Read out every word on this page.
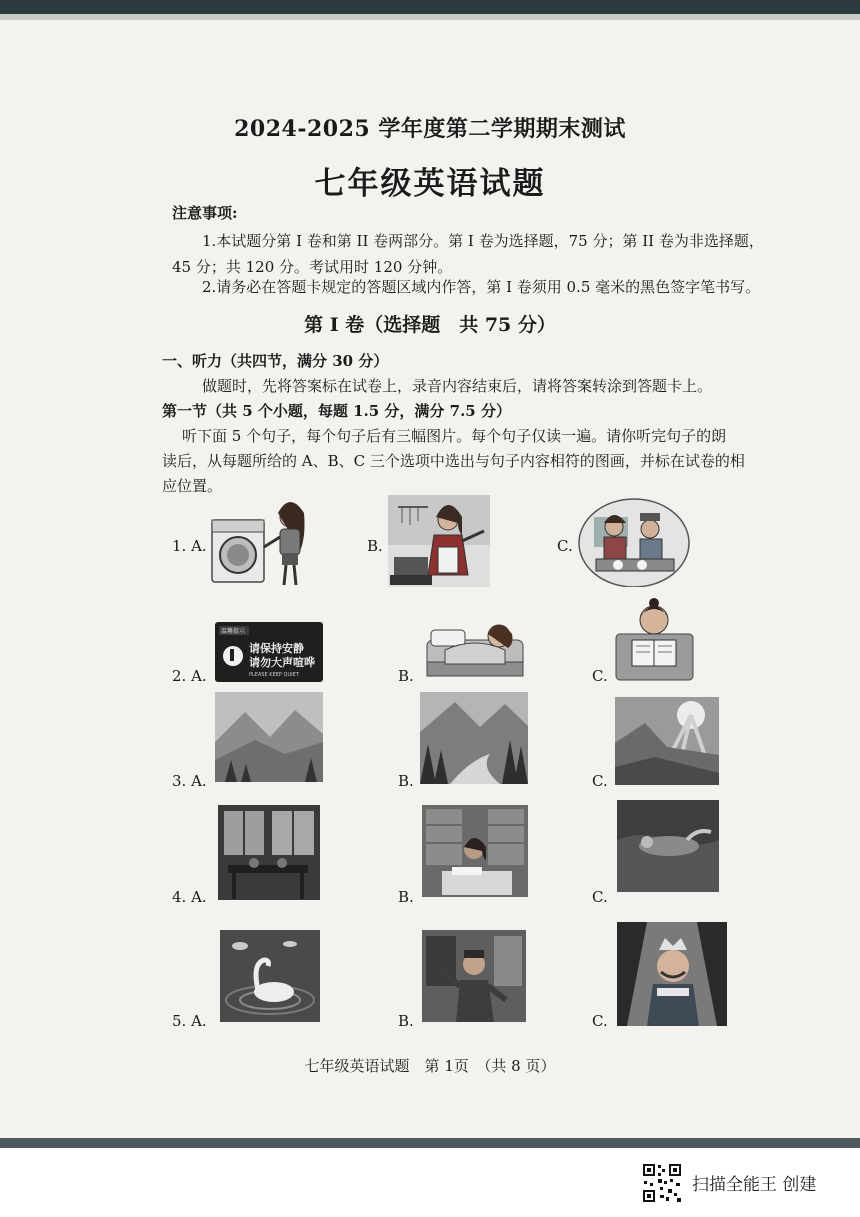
2024-2025 学年度第二学期期末测试
七年级英语试题
注意事项:
1.本试题分第 I 卷和第 II 卷两部分。第 I 卷为选择题，75 分；第 II 卷为非选择题，
45 分；共 120 分。考试用时 120 分钟。
2.请务必在答题卡规定的答题区域内作答，第 I 卷须用 0.5 毫米的黑色签字笔书写。
第 I 卷（选择题　共 75 分）
一、听力（共四节，满分 30 分）
做题时，先将答案标在试卷上，录音内容结束后，请将答案转涂到答题卡上。
第一节（共 5 个小题，每题 1.5 分，满分 7.5 分）
听下面 5 个句子，每个句子后有三幅图片。每个句子仅读一遍。请你听完句子的朗
读后，从每题所给的 A、B、C 三个选项中选出与句子内容相符的图画，并标在试卷的相
应位置。
1. A.	B.	C.
2. A.
温馨提示
请保持安静
请勿大声喧哗
PLEASE KEEP QUIET	B.	C.
3. A.	B.	C.
4. A.	B.	C.
5. A.	B.	C.
七年级英语试题　第 1页　（共 8 页）
扫描全能王 创建
